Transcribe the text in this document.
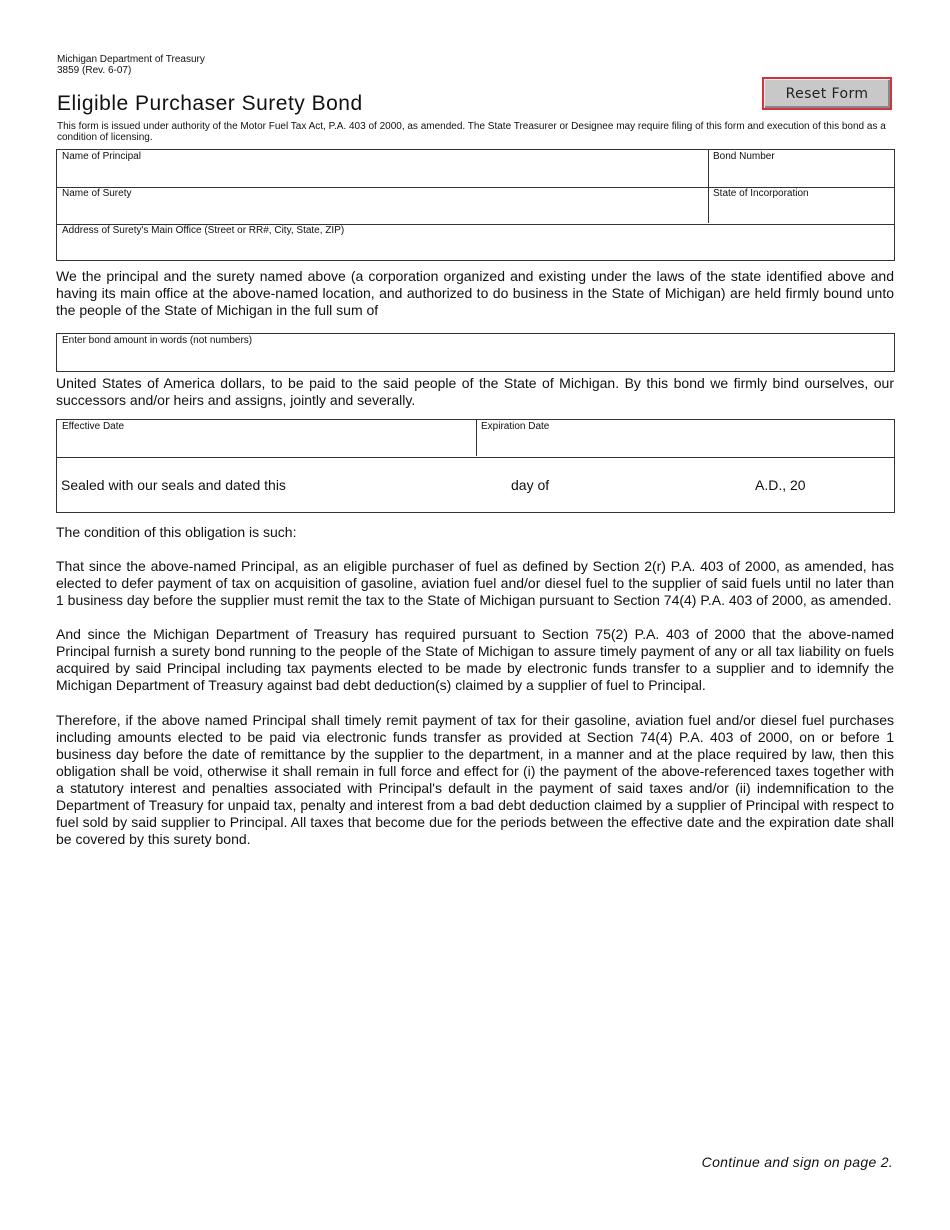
Michigan Department of Treasury
3859 (Rev. 6-07)
Eligible Purchaser Surety Bond	Reset Form
This form is issued under authority of the Motor Fuel Tax Act, P.A. 403 of 2000, as amended. The State Treasurer or Designee may require filing of this form and execution of this bond as a condition of licensing.
Name of Principal	Bond Number
Name of Surety	State of Incorporation
Address of Surety's Main Office (Street or RR#, City, State, ZIP)
We the principal and the surety named above (a corporation organized and existing under the laws of the state identified above and having its main office at the above-named location, and authorized to do business in the State of Michigan) are held firmly bound unto the people of the State of Michigan in the full sum of
Enter bond amount in words (not numbers)
United States of America dollars, to be paid to the said people of the State of Michigan. By this bond we firmly bind ourselves, our successors and/or heirs and assigns, jointly and severally.
Effective Date	Expiration Date
Sealed with our seals and dated this	day of	A.D., 20
The condition of this obligation is such:
That since the above-named Principal, as an eligible purchaser of fuel as defined by Section 2(r) P.A. 403 of 2000, as amended, has elected to defer payment of tax on acquisition of gasoline, aviation fuel and/or diesel fuel to the supplier of said fuels until no later than 1 business day before the supplier must remit the tax to the State of Michigan pursuant to Section 74(4) P.A. 403 of 2000, as amended.
And since the Michigan Department of Treasury has required pursuant to Section 75(2) P.A. 403 of 2000 that the above-named Principal furnish a surety bond running to the people of the State of Michigan to assure timely payment of any or all tax liability on fuels acquired by said Principal including tax payments elected to be made by electronic funds transfer to a supplier and to idemnify the Michigan Department of Treasury against bad debt deduction(s) claimed by a supplier of fuel to Principal.
Therefore, if the above named Principal shall timely remit payment of tax for their gasoline, aviation fuel and/or diesel fuel purchases including amounts elected to be paid via electronic funds transfer as provided at Section 74(4) P.A. 403 of 2000, on or before 1 business day before the date of remittance by the supplier to the department, in a manner and at the place required by law, then this obligation shall be void, otherwise it shall remain in full force and effect for (i) the payment of the above-referenced taxes together with a statutory interest and penalties associated with Principal's default in the payment of said taxes and/or (ii) indemnification to the Department of Treasury for unpaid tax, penalty and interest from a bad debt deduction claimed by a supplier of Principal with respect to fuel sold by said supplier to Principal. All taxes that become due for the periods between the effective date and the expiration date shall be covered by this surety bond.
Continue and sign on page 2.
